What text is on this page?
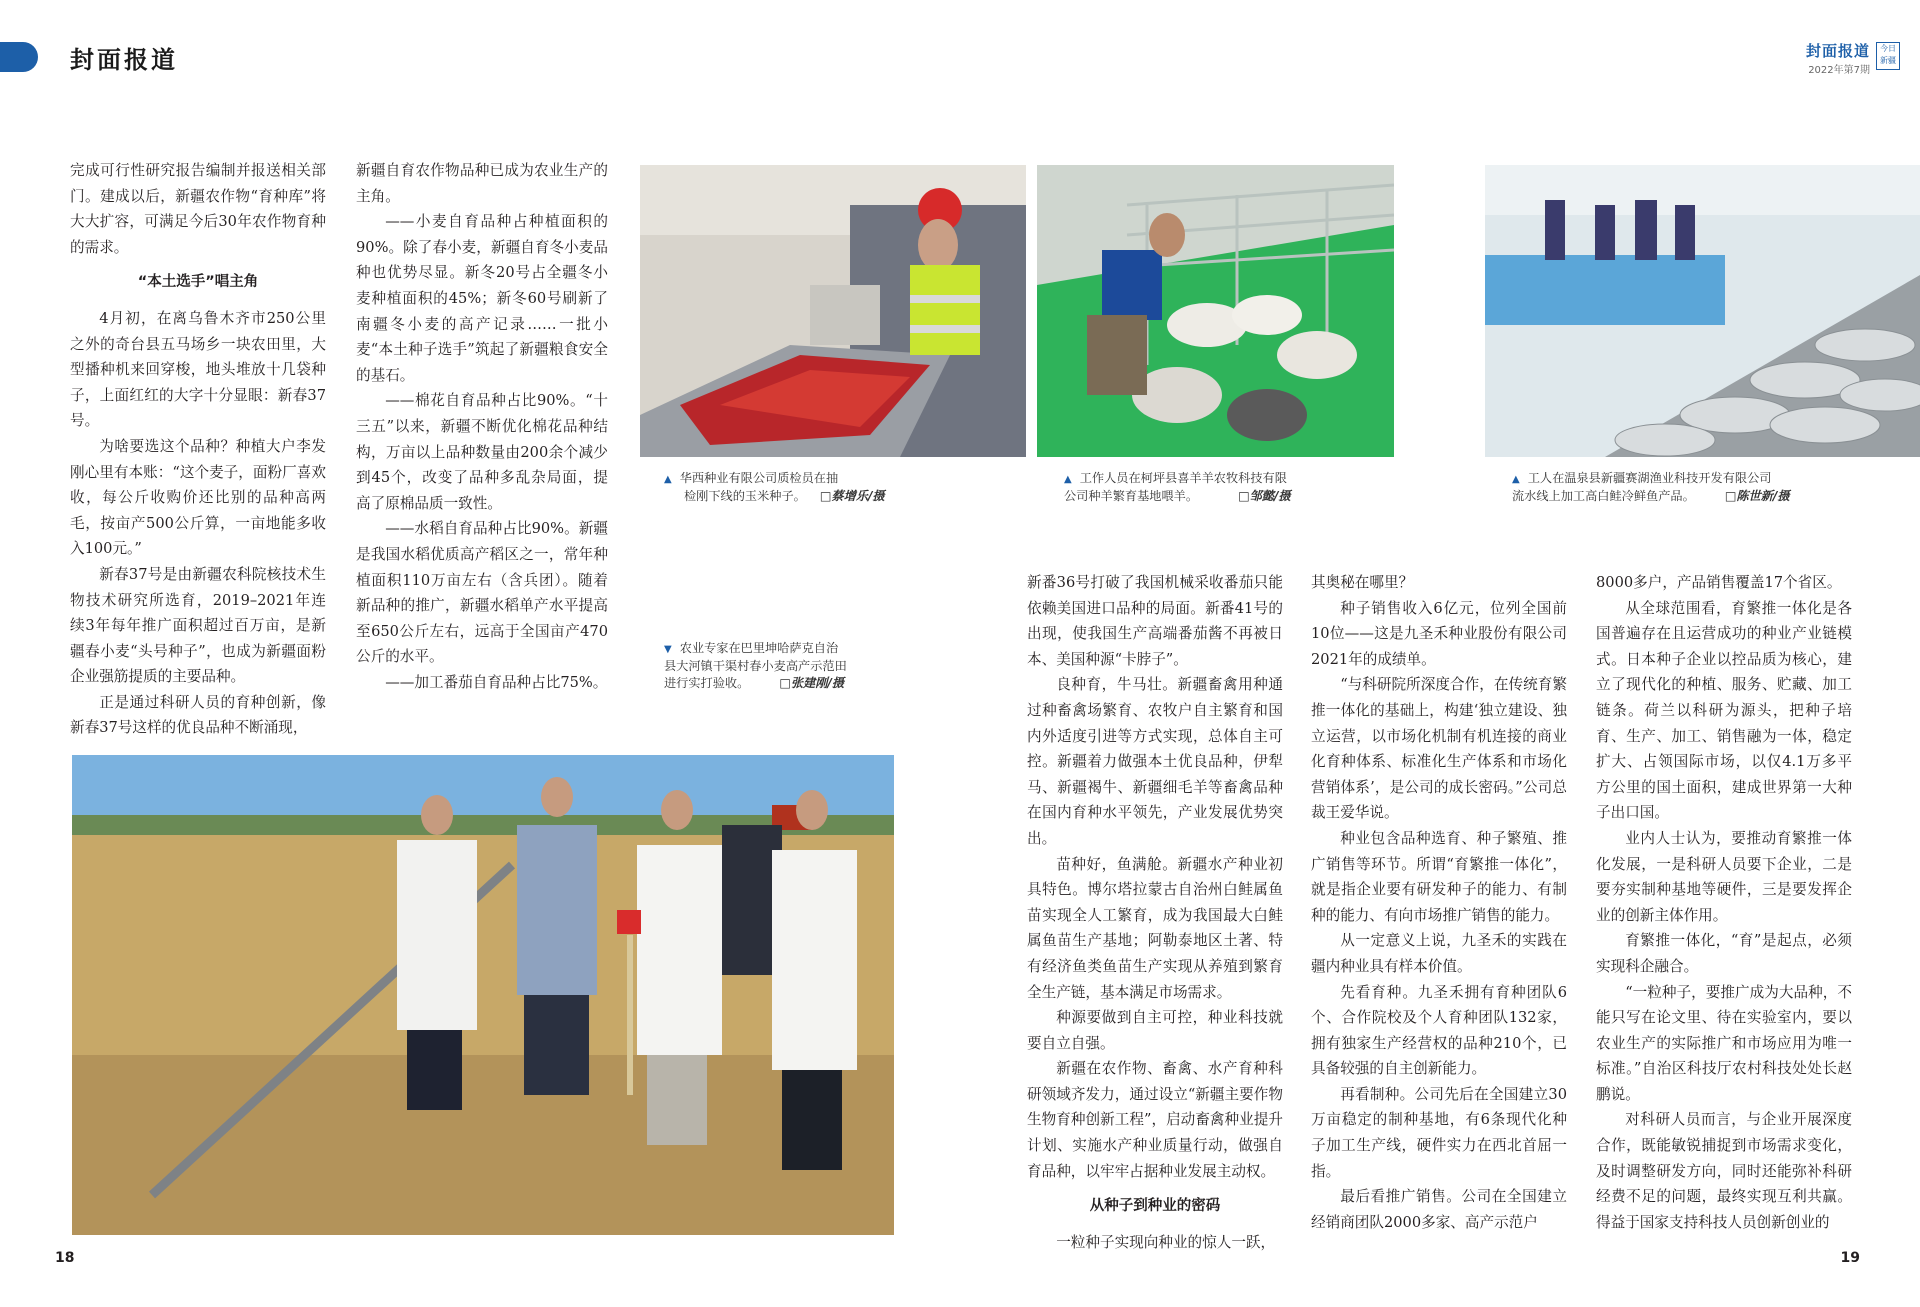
封面报道	封面报道
2022年第7期
今日 新疆

完成可行性研究报告编制并报送相关部门。建成以后，新疆农作物“育种库”将大大扩容，可满足今后30年农作物育种的需求。

“本土选手”唱主角

4月初，在离乌鲁木齐市250公里之外的奇台县五马场乡一块农田里，大型播种机来回穿梭，地头堆放十几袋种子，上面红红的大字十分显眼：新春37号。

为啥要选这个品种？种植大户李发刚心里有本账：“这个麦子，面粉厂喜欢收，每公斤收购价还比别的品种高两毛，按亩产500公斤算，一亩地能多收入100元。”

新春37号是由新疆农科院核技术生物技术研究所选育，2019–2021年连续3年每年推广面积超过百万亩，是新疆春小麦“头号种子”，也成为新疆面粉企业强筋提质的主要品种。

正是通过科研人员的育种创新，像新春37号这样的优良品种不断涌现，

新疆自育农作物品种已成为农业生产的主角。

——小麦自育品种占种植面积的90%。除了春小麦，新疆自育冬小麦品种也优势尽显。新冬20号占全疆冬小麦种植面积的45%；新冬60号刷新了南疆冬小麦的高产记录……一批小麦“本土种子选手”筑起了新疆粮食安全的基石。

——棉花自育品种占比90%。“十三五”以来，新疆不断优化棉花品种结构，万亩以上品种数量由200余个减少到45个，改变了品种多乱杂局面，提高了原棉品质一致性。

——水稻自育品种占比90%。新疆是我国水稻优质高产稻区之一，常年种植面积110万亩左右（含兵团）。随着新品种的推广，新疆水稻单产水平提高至650公斤左右，远高于全国亩产470公斤的水平。

——加工番茄自育品种占比75%。

▲ 华西种业有限公司质检员在抽
检刚下线的玉米种子。 □蔡增乐/摄
▲ 工作人员在柯坪县喜羊羊农牧科技有限
公司种羊繁育基地喂羊。	□邹懿/摄
▲ 工人在温泉县新疆赛湖渔业科技开发有限公司
流水线上加工高白鲑冷鲜鱼产品。 □陈世新/摄
▼ 农业专家在巴里坤哈萨克自治
县大河镇干渠村春小麦高产示范田
进行实打验收。 □张建刚/摄

新番36号打破了我国机械采收番茄只能依赖美国进口品种的局面。新番41号的出现，使我国生产高端番茄酱不再被日本、美国种源“卡脖子”。

良种育，牛马壮。新疆畜禽用种通过种畜禽场繁育、农牧户自主繁育和国内外适度引进等方式实现，总体自主可控。新疆着力做强本土优良品种，伊犁马、新疆褐牛、新疆细毛羊等畜禽品种在国内育种水平领先，产业发展优势突出。

苗种好，鱼满舱。新疆水产种业初具特色。博尔塔拉蒙古自治州白鲑属鱼苗实现全人工繁育，成为我国最大白鲑属鱼苗生产基地；阿勒泰地区土著、特有经济鱼类鱼苗生产实现从养殖到繁育全生产链，基本满足市场需求。

种源要做到自主可控，种业科技就要自立自强。

新疆在农作物、畜禽、水产育种科研领域齐发力，通过设立“新疆主要作物生物育种创新工程”，启动畜禽种业提升计划、实施水产种业质量行动，做强自育品种，以牢牢占据种业发展主动权。

从种子到种业的密码

一粒种子实现向种业的惊人一跃，

其奥秘在哪里？

种子销售收入6亿元，位列全国前10位——这是九圣禾种业股份有限公司2021年的成绩单。

“与科研院所深度合作，在传统育繁推一体化的基础上，构建‘独立建设、独立运营，以市场化机制有机连接的商业化育种体系、标准化生产体系和市场化营销体系’，是公司的成长密码。”公司总裁王爱华说。

种业包含品种选育、种子繁殖、推广销售等环节。所谓“育繁推一体化”，就是指企业要有研发种子的能力、有制种的能力、有向市场推广销售的能力。

从一定意义上说，九圣禾的实践在疆内种业具有样本价值。

先看育种。九圣禾拥有育种团队6个、合作院校及个人育种团队132家，拥有独家生产经营权的品种210个，已具备较强的自主创新能力。

再看制种。公司先后在全国建立30万亩稳定的制种基地，有6条现代化种子加工生产线，硬件实力在西北首屈一指。

最后看推广销售。公司在全国建立经销商团队2000多家、高产示范户

8000多户，产品销售覆盖17个省区。

从全球范围看，育繁推一体化是各国普遍存在且运营成功的种业产业链模式。日本种子企业以控品质为核心，建立了现代化的种植、服务、贮藏、加工链条。荷兰以科研为源头，把种子培育、生产、加工、销售融为一体，稳定扩大、占领国际市场，以仅4.1万多平方公里的国土面积，建成世界第一大种子出口国。

业内人士认为，要推动育繁推一体化发展，一是科研人员要下企业，二是要夯实制种基地等硬件，三是要发挥企业的创新主体作用。

育繁推一体化，“育”是起点，必须实现科企融合。

“一粒种子，要推广成为大品种，不能只写在论文里、待在实验室内，要以农业生产的实际推广和市场应用为唯一标准。”自治区科技厅农村科技处处长赵鹏说。

对科研人员而言，与企业开展深度合作，既能敏锐捕捉到市场需求变化，及时调整研发方向，同时还能弥补科研经费不足的问题，最终实现互利共赢。得益于国家支持科技人员创新创业的

18	19
